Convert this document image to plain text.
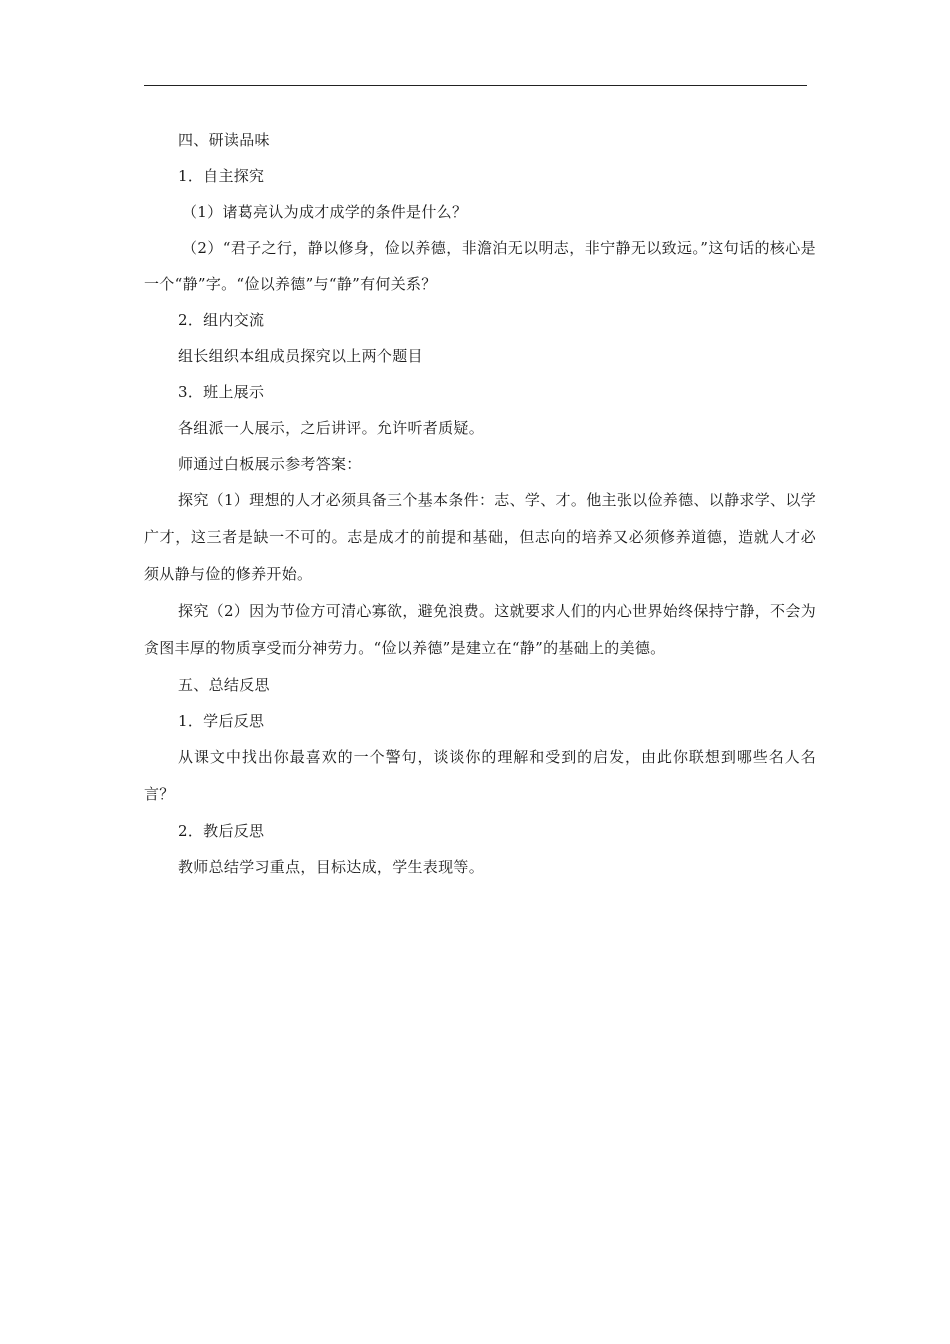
四、研读品味

1．自主探究

（1）诸葛亮认为成才成学的条件是什么？

（2）“君子之行，静以修身，俭以养德，非澹泊无以明志，非宁静无以致远。”这句话的核心是一个“静”字。“俭以养德”与“静”有何关系？

2．组内交流

组长组织本组成员探究以上两个题目

3．班上展示

各组派一人展示，之后讲评。允许听者质疑。

师通过白板展示参考答案：

探究（1）理想的人才必须具备三个基本条件：志、学、才。他主张以俭养德、以静求学、以学广才，这三者是缺一不可的。志是成才的前提和基础，但志向的培养又必须修养道德，造就人才必须从静与俭的修养开始。

探究（2）因为节俭方可清心寡欲，避免浪费。这就要求人们的内心世界始终保持宁静，不会为贪图丰厚的物质享受而分神劳力。“俭以养德”是建立在“静”的基础上的美德。

五、总结反思

1．学后反思

从课文中找出你最喜欢的一个警句，谈谈你的理解和受到的启发，由此你联想到哪些名人名言？

2．教后反思

教师总结学习重点，目标达成，学生表现等。
